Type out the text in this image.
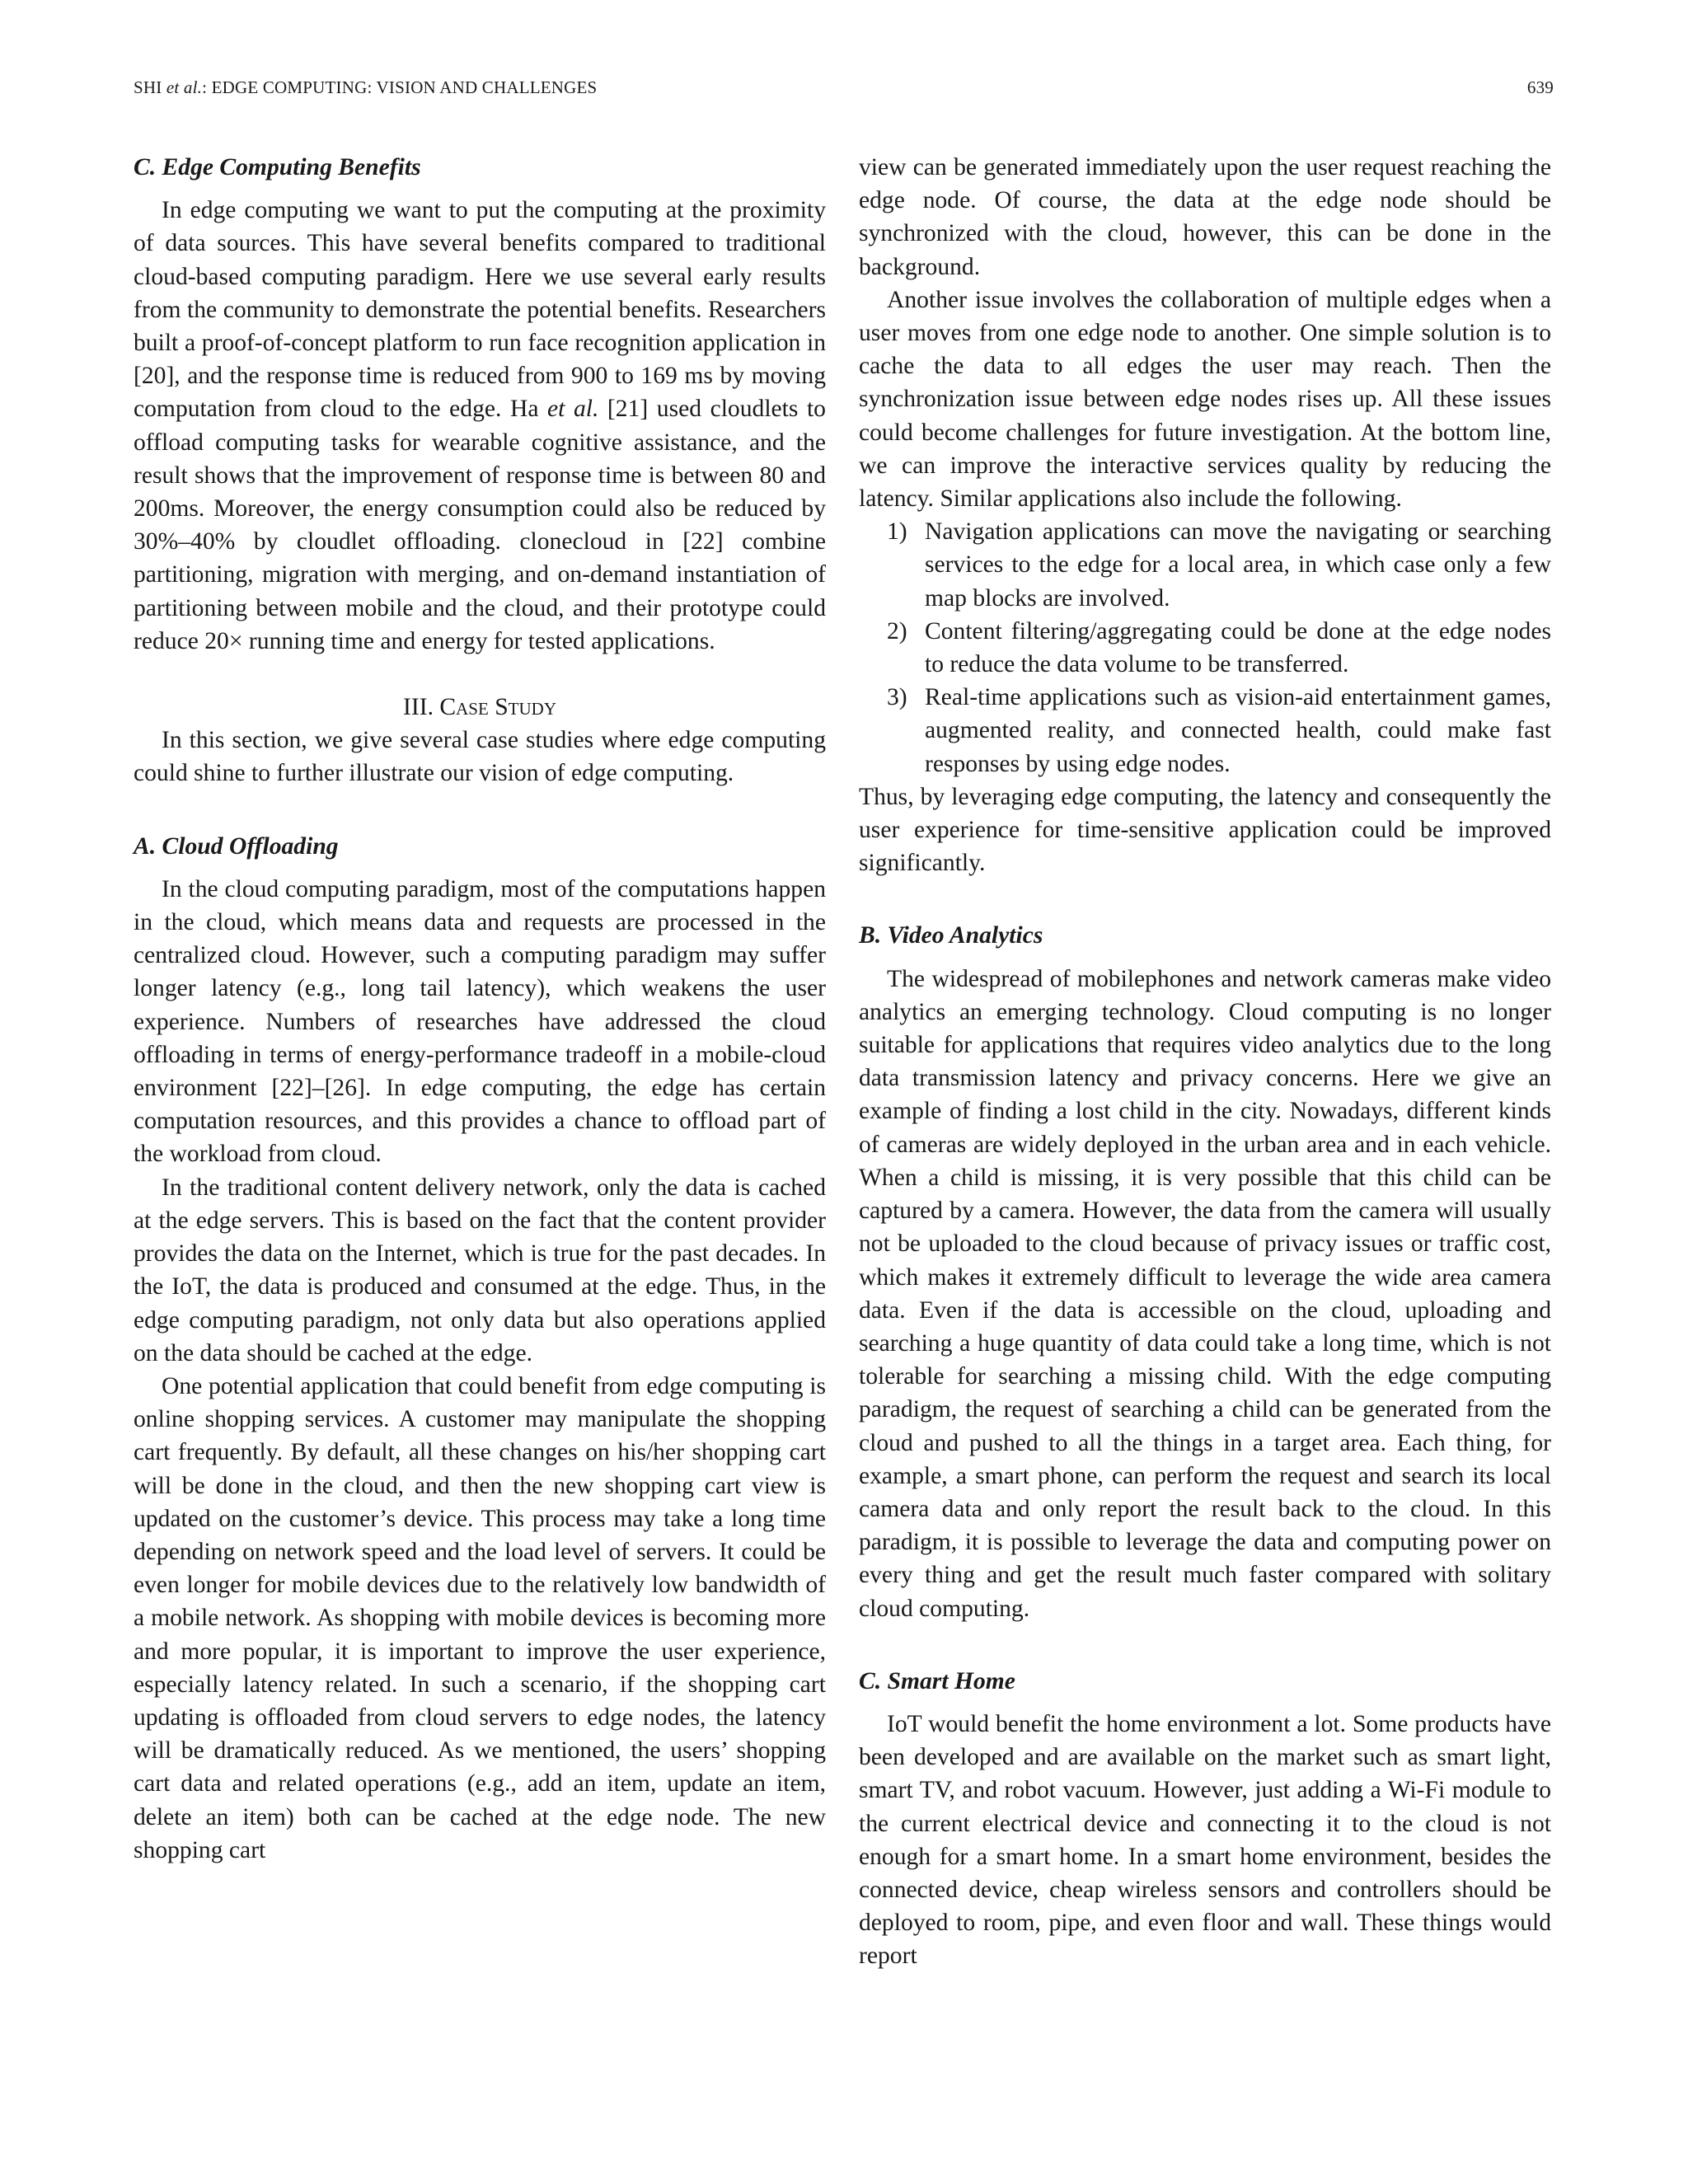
SHI et al.: EDGE COMPUTING: VISION AND CHALLENGES	639
C. Edge Computing Benefits

In edge computing we want to put the computing at the proximity of data sources. This have several benefits compared to traditional cloud-based computing paradigm. Here we use several early results from the community to demonstrate the potential benefits. Researchers built a proof-of-concept platform to run face recognition application in [20], and the response time is reduced from 900 to 169 ms by moving computation from cloud to the edge. Ha et al. [21] used cloudlets to offload computing tasks for wearable cognitive assistance, and the result shows that the improvement of response time is between 80 and 200ms. Moreover, the energy consumption could also be reduced by 30%–40% by cloudlet offloading. clonecloud in [22] combine partitioning, migration with merging, and on-demand instantiation of partitioning between mobile and the cloud, and their prototype could reduce 20× running time and energy for tested applications.

III. Case Study

In this section, we give several case studies where edge computing could shine to further illustrate our vision of edge computing.

A. Cloud Offloading

In the cloud computing paradigm, most of the computations happen in the cloud, which means data and requests are processed in the centralized cloud. However, such a computing paradigm may suffer longer latency (e.g., long tail latency), which weakens the user experience. Numbers of researches have addressed the cloud offloading in terms of energy-performance tradeoff in a mobile-cloud environment [22]–[26]. In edge computing, the edge has certain computation resources, and this provides a chance to offload part of the workload from cloud.

In the traditional content delivery network, only the data is cached at the edge servers. This is based on the fact that the content provider provides the data on the Internet, which is true for the past decades. In the IoT, the data is produced and consumed at the edge. Thus, in the edge computing paradigm, not only data but also operations applied on the data should be cached at the edge.

One potential application that could benefit from edge computing is online shopping services. A customer may manipulate the shopping cart frequently. By default, all these changes on his/her shopping cart will be done in the cloud, and then the new shopping cart view is updated on the customer’s device. This process may take a long time depending on network speed and the load level of servers. It could be even longer for mobile devices due to the relatively low bandwidth of a mobile network. As shopping with mobile devices is becoming more and more popular, it is important to improve the user experience, especially latency related. In such a scenario, if the shopping cart updating is offloaded from cloud servers to edge nodes, the latency will be dramatically reduced. As we mentioned, the users’ shopping cart data and related operations (e.g., add an item, update an item, delete an item) both can be cached at the edge node. The new shopping cart

view can be generated immediately upon the user request reaching the edge node. Of course, the data at the edge node should be synchronized with the cloud, however, this can be done in the background.

Another issue involves the collaboration of multiple edges when a user moves from one edge node to another. One simple solution is to cache the data to all edges the user may reach. Then the synchronization issue between edge nodes rises up. All these issues could become challenges for future investigation. At the bottom line, we can improve the interactive services quality by reducing the latency. Similar applications also include the following.

1) Navigation applications can move the navigating or searching services to the edge for a local area, in which case only a few map blocks are involved.
2) Content filtering/aggregating could be done at the edge nodes to reduce the data volume to be transferred.
3) Real-time applications such as vision-aid entertainment games, augmented reality, and connected health, could make fast responses by using edge nodes.

Thus, by leveraging edge computing, the latency and consequently the user experience for time-sensitive application could be improved significantly.

B. Video Analytics

The widespread of mobilephones and network cameras make video analytics an emerging technology. Cloud computing is no longer suitable for applications that requires video analytics due to the long data transmission latency and privacy concerns. Here we give an example of finding a lost child in the city. Nowadays, different kinds of cameras are widely deployed in the urban area and in each vehicle. When a child is missing, it is very possible that this child can be captured by a camera. However, the data from the camera will usually not be uploaded to the cloud because of privacy issues or traffic cost, which makes it extremely difficult to leverage the wide area camera data. Even if the data is accessible on the cloud, uploading and searching a huge quantity of data could take a long time, which is not tolerable for searching a missing child. With the edge computing paradigm, the request of searching a child can be generated from the cloud and pushed to all the things in a target area. Each thing, for example, a smart phone, can perform the request and search its local camera data and only report the result back to the cloud. In this paradigm, it is possible to leverage the data and computing power on every thing and get the result much faster compared with solitary cloud computing.

C. Smart Home

IoT would benefit the home environment a lot. Some products have been developed and are available on the market such as smart light, smart TV, and robot vacuum. However, just adding a Wi-Fi module to the current electrical device and connecting it to the cloud is not enough for a smart home. In a smart home environment, besides the connected device, cheap wireless sensors and controllers should be deployed to room, pipe, and even floor and wall. These things would report
